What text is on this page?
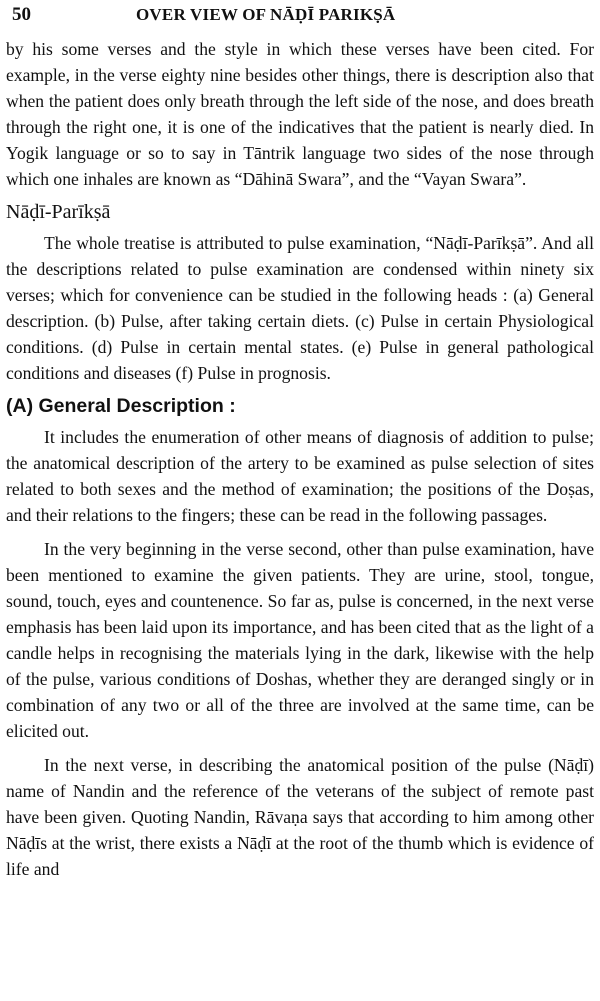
50	OVER VIEW OF NĀḌĪ PARIKṢĀ

by his some verses and the style in which these verses have been cited. For example, in the verse eighty nine besides other things, there is description also that when the patient does only breath through the left side of the nose, and does breath through the right one, it is one of the indicatives that the patient is nearly died. In Yogik language or so to say in Tāntrik language two sides of the nose through which one inhales are known as “Dāhinā Swara”, and the “Vayan Swara”.

Nāḍī-Parīkṣā

The whole treatise is attributed to pulse examination, “Nāḍī-Parīkṣā”. And all the descriptions related to pulse examination are condensed within ninety six verses; which for convenience can be studied in the following heads : (a) General description. (b) Pulse, after taking certain diets. (c) Pulse in certain Physiological conditions. (d) Pulse in certain mental states. (e) Pulse in general pathological conditions and diseases (f) Pulse in prognosis.

(A) General Description :

It includes the enumeration of other means of diagnosis of addition to pulse; the anatomical description of the artery to be examined as pulse selection of sites related to both sexes and the method of examination; the positions of the Doṣas, and their relations to the fingers; these can be read in the following passages.

In the very beginning in the verse second, other than pulse examination, have been mentioned to examine the given patients. They are urine, stool, tongue, sound, touch, eyes and countenence. So far as, pulse is concerned, in the next verse emphasis has been laid upon its importance, and has been cited that as the light of a candle helps in recognising the materials lying in the dark, likewise with the help of the pulse, various conditions of Doshas, whether they are deranged singly or in combination of any two or all of the three are involved at the same time, can be elicited out.

In the next verse, in describing the anatomical position of the pulse (Nāḍī) name of Nandin and the reference of the veterans of the subject of remote past have been given. Quoting Nandin, Rāvaṇa says that according to him among other Nāḍīs at the wrist, there exists a Nāḍī at the root of the thumb which is evidence of life and
